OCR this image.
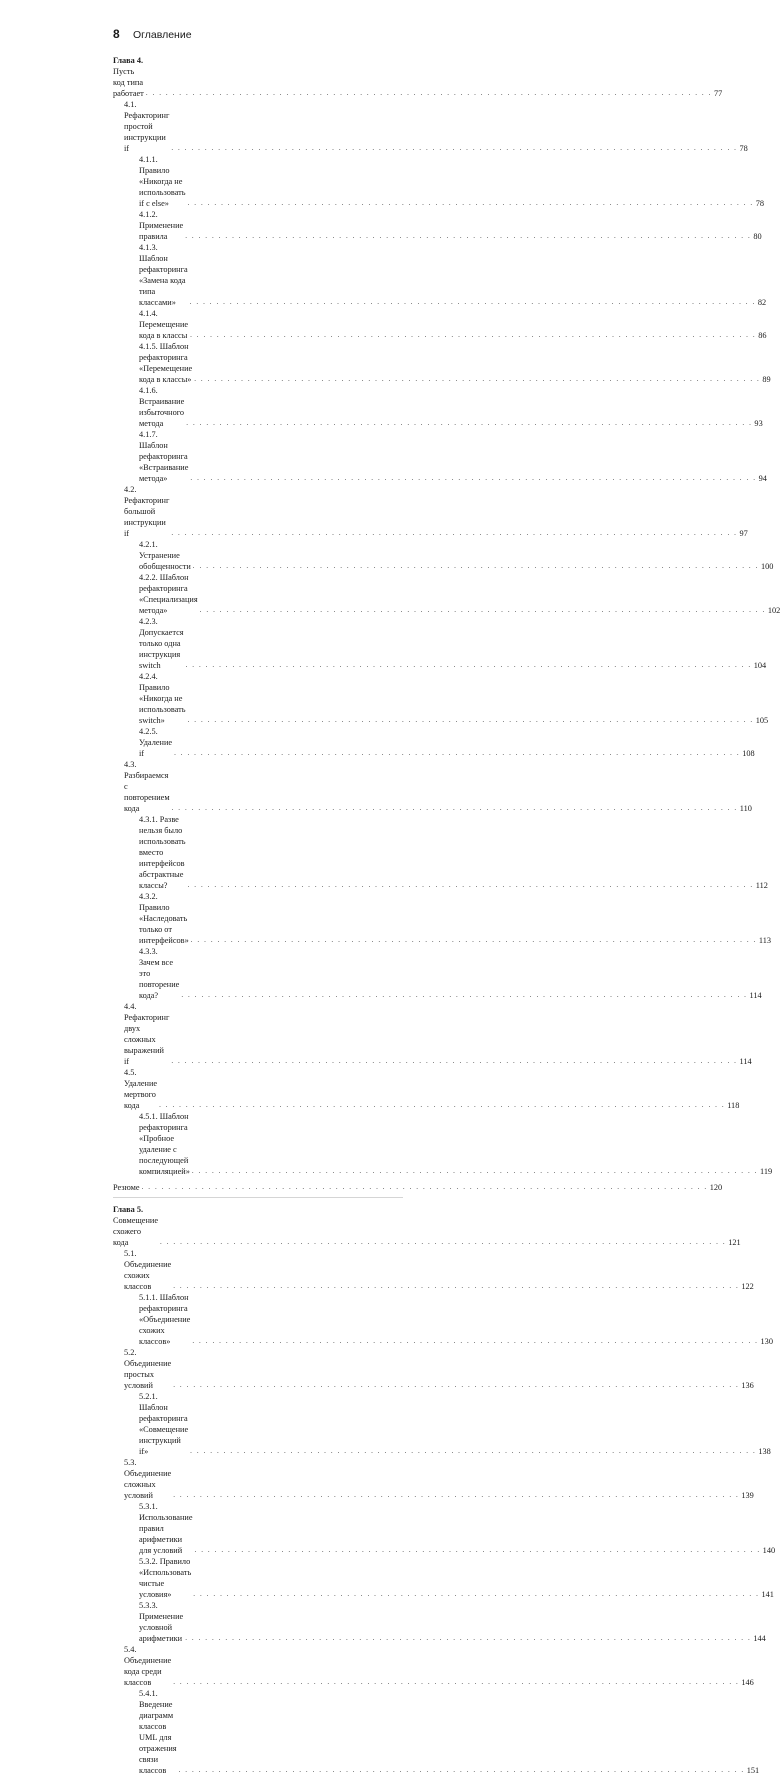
8	Оглавление
Глава 4. Пусть код типа работает . . .	77
4.1. Рефакторинг простой инструкции if . . .	78
4.1.1. Правило «Никогда не использовать if с else» . . .	78
4.1.2. Применение правила . . .	80
4.1.3. Шаблон рефакторинга «Замена кода типа классами» . . .	82
4.1.4. Перемещение кода в классы . . .	86
4.1.5. Шаблон рефакторинга «Перемещение кода в классы» . . .	89
4.1.6. Встраивание избыточного метода . . .	93
4.1.7. Шаблон рефакторинга «Встраивание метода» . . .	94
4.2. Рефакторинг большой инструкции if . . .	97
4.2.1. Устранение обобщенности . . .	100
4.2.2. Шаблон рефакторинга «Специализация метода» . . .	102
4.2.3. Допускается только одна инструкция switch . . .	104
4.2.4. Правило «Никогда не использовать switch» . . .	105
4.2.5. Удаление if . . .	108
4.3. Разбираемся с повторением кода . . .	110
4.3.1. Разве нельзя было использовать вместо интерфейсов абстрактные классы? . . .	112
4.3.2. Правило «Наследовать только от интерфейсов» . . .	113
4.3.3. Зачем все это повторение кода? . . .	114
4.4. Рефакторинг двух сложных выражений if . . .	114
4.5. Удаление мертвого кода . . .	118
4.5.1. Шаблон рефакторинга «Пробное удаление с последующей компиляцией» . . .	119
Резюме . . .	120
Глава 5. Совмещение схожего кода . . .	121
5.1. Объединение схожих классов . . .	122
5.1.1. Шаблон рефакторинга «Объединение схожих классов» . . .	130
5.2. Объединение простых условий . . .	136
5.2.1. Шаблон рефакторинга «Совмещение инструкций if» . . .	138
5.3. Объединение сложных условий . . .	139
5.3.1. Использование правил арифметики для условий . . .	140
5.3.2. Правило «Использовать чистые условия» . . .	141
5.3.3. Применение условной арифметики . . .	144
5.4. Объединение кода среди классов . . .	146
5.4.1. Введение диаграмм классов UML для отражения связи классов . . .	151
